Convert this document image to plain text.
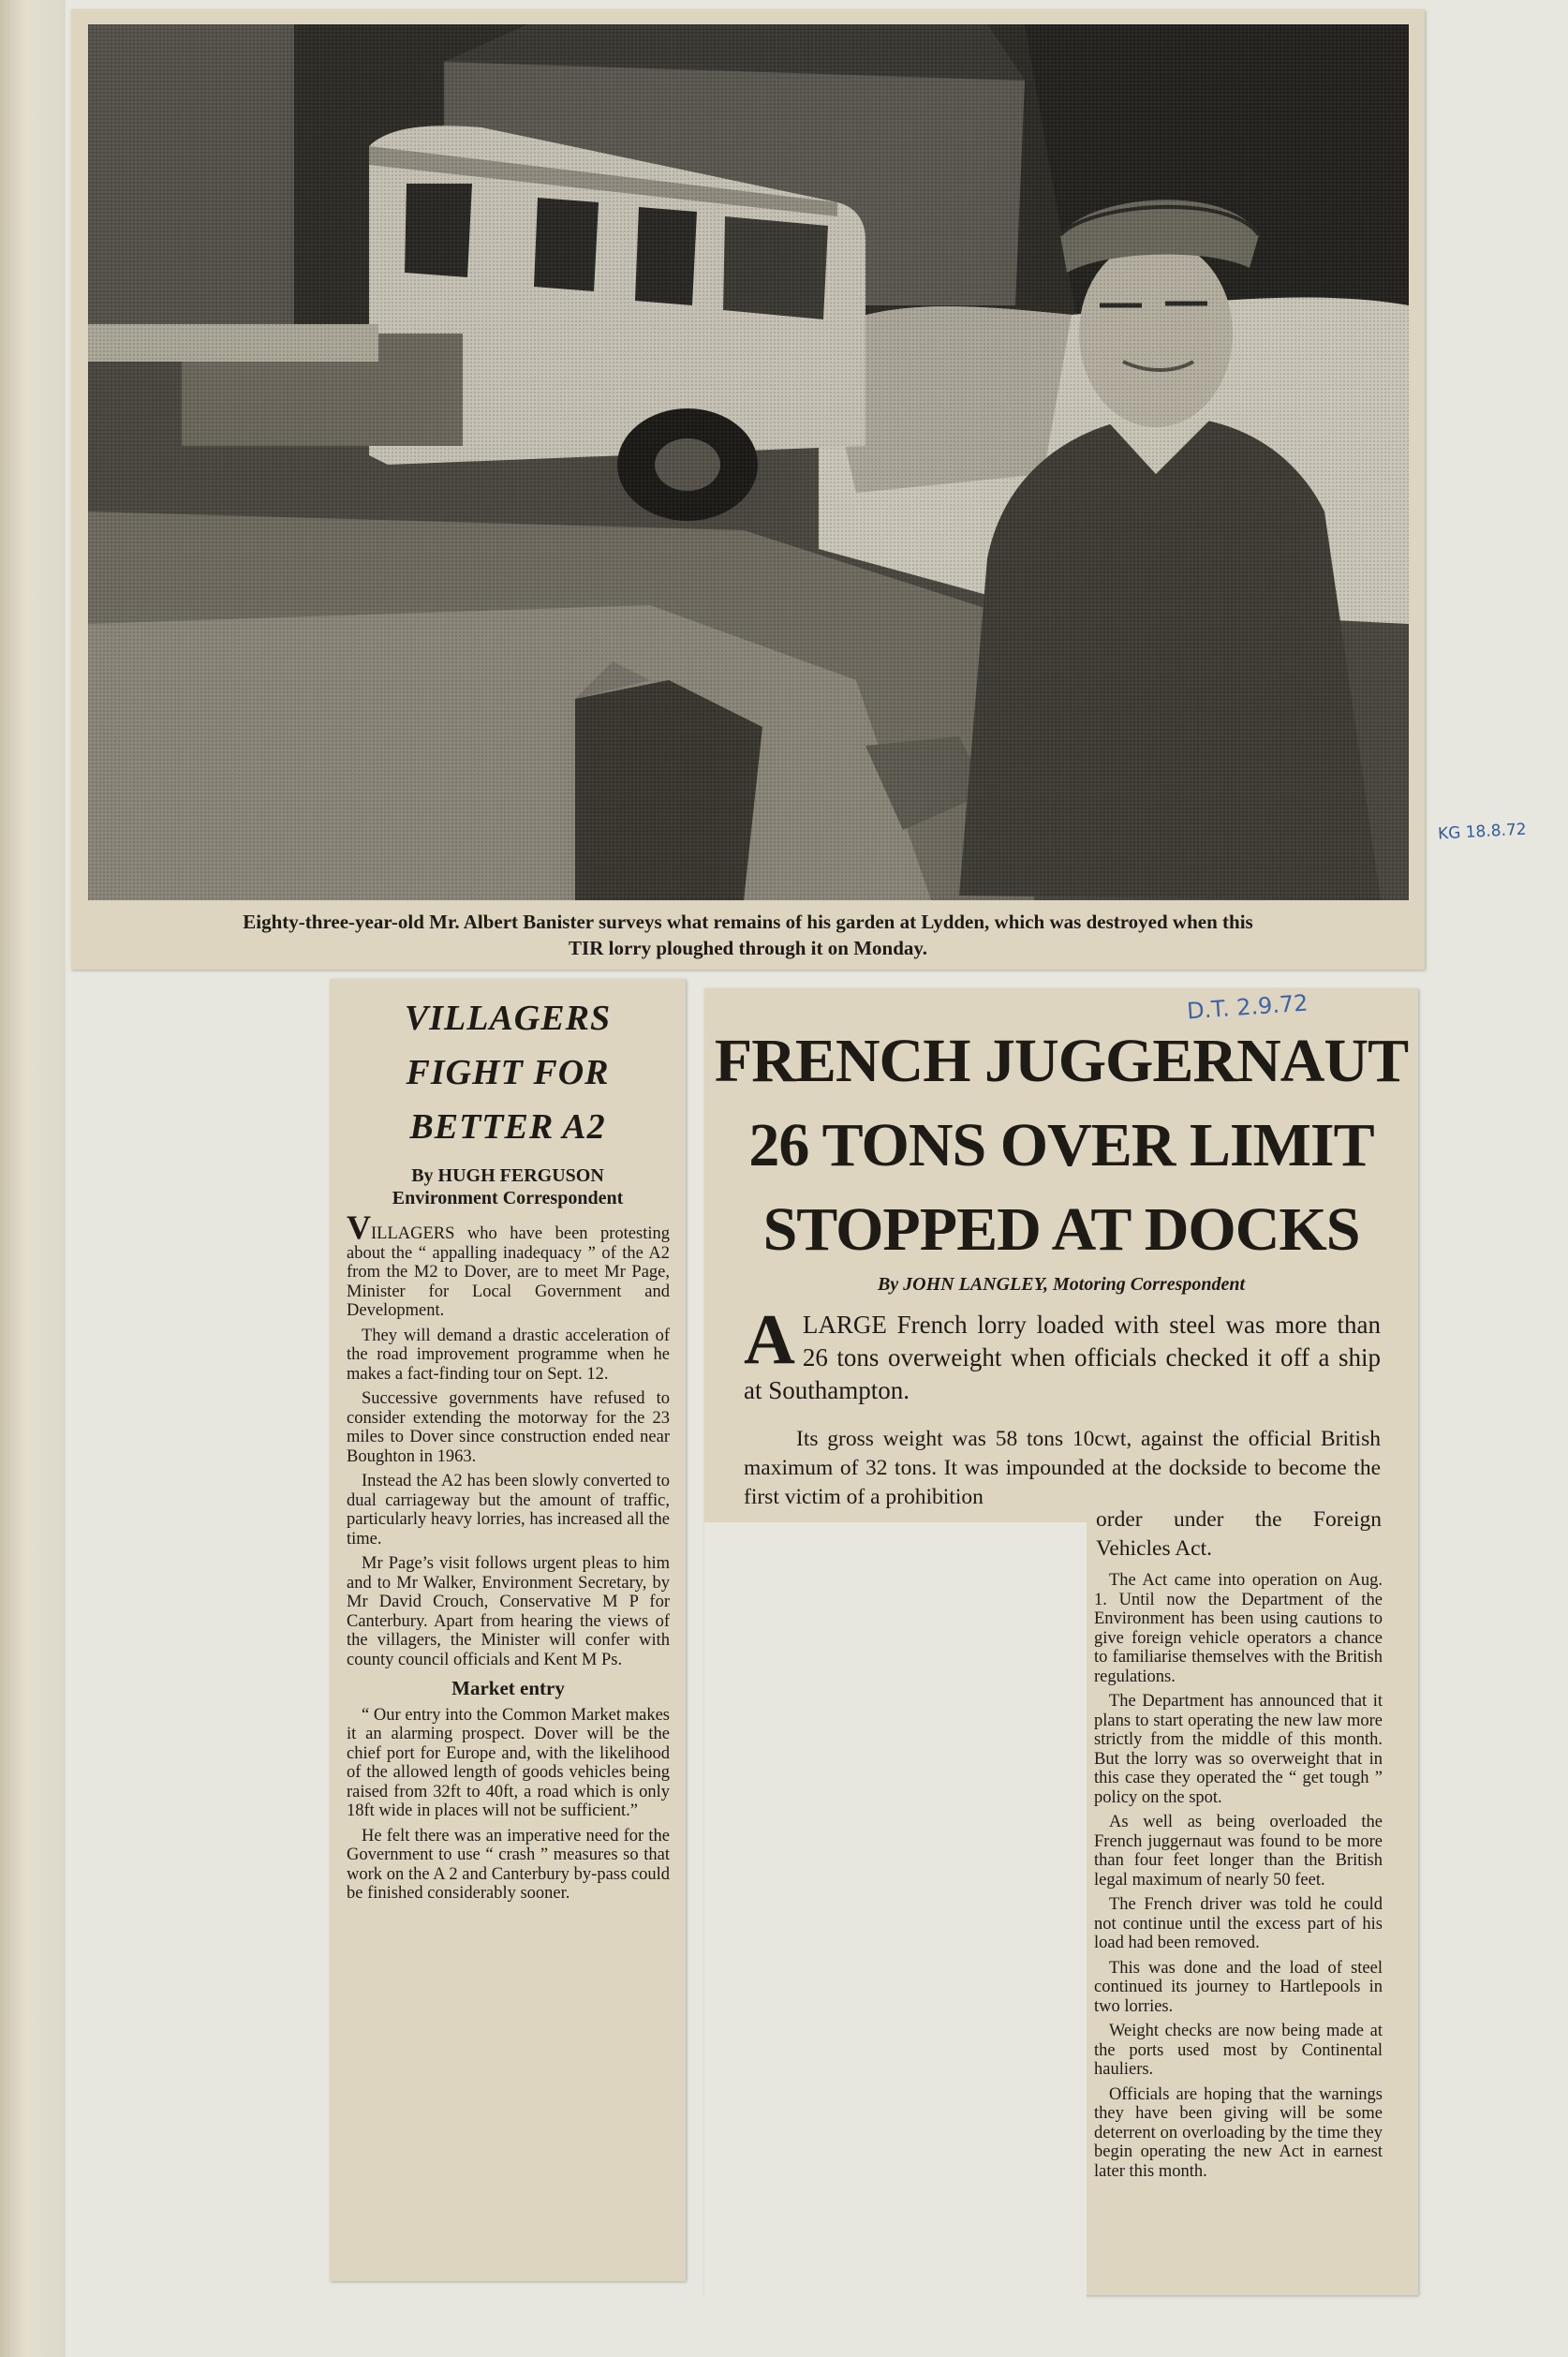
Eighty-three-year-old Mr. Albert Banister surveys what remains of his garden at Lydden, which was destroyed when this
TIR lorry ploughed through it on Monday.
KG 18.8.72
VILLAGERS
FIGHT FOR
BETTER A2
By HUGH FERGUSON
Environment Correspondent

VILLAGERS who have been protesting about the “ appalling inadequacy ” of the A2 from the M2 to Dover, are to meet Mr Page, Minister for Local Government and Development.

They will demand a drastic acceleration of the road improvement programme when he makes a fact-finding tour on Sept. 12.

Successive governments have refused to consider extending the motorway for the 23 miles to Dover since construction ended near Boughton in 1963.

Instead the A2 has been slowly converted to dual carriageway but the amount of traffic, particularly heavy lorries, has increased all the time.

Mr Page’s visit follows urgent pleas to him and to Mr Walker, Environment Secretary, by Mr David Crouch, Conservative M P for Canterbury. Apart from hearing the views of the villagers, the Minister will confer with county council officials and Kent M Ps.

Market entry

“ Our entry into the Common Market makes it an alarming prospect. Dover will be the chief port for Europe and, with the likelihood of the allowed length of goods vehicles being raised from 32ft to 40ft, a road which is only 18ft wide in places will not be sufficient.”

He felt there was an imperative need for the Government to use “ crash ” measures so that work on the A 2 and Canterbury by-pass could be finished considerably sooner.

D.T. 2.9.72
FRENCH JUGGERNAUT
26 TONS OVER LIMIT
STOPPED AT DOCKS
By JOHN LANGLEY, Motoring Correspondent

ALARGE French lorry loaded with steel was more than 26 tons overweight when officials checked it off a ship at Southampton.

Its gross weight was 58 tons 10cwt, against the official British maximum of 32 tons. It was impounded at the dockside to become the first victim of a prohibition

order under the Foreign Vehicles Act.

The Act came into operation on Aug. 1. Until now the Department of the Environment has been using cautions to give foreign vehicle operators a chance to familiarise themselves with the British regulations.

The Department has announced that it plans to start operating the new law more strictly from the middle of this month. But the lorry was so overweight that in this case they operated the “ get tough ” policy on the spot.

As well as being overloaded the French juggernaut was found to be more than four feet longer than the British legal maximum of nearly 50 feet.

The French driver was told he could not continue until the excess part of his load had been removed.

This was done and the load of steel continued its journey to Hartlepools in two lorries.

Weight checks are now being made at the ports used most by Continental hauliers.

Officials are hoping that the warnings they have been giving will be some deterrent on overloading by the time they begin operating the new Act in earnest later this month.
